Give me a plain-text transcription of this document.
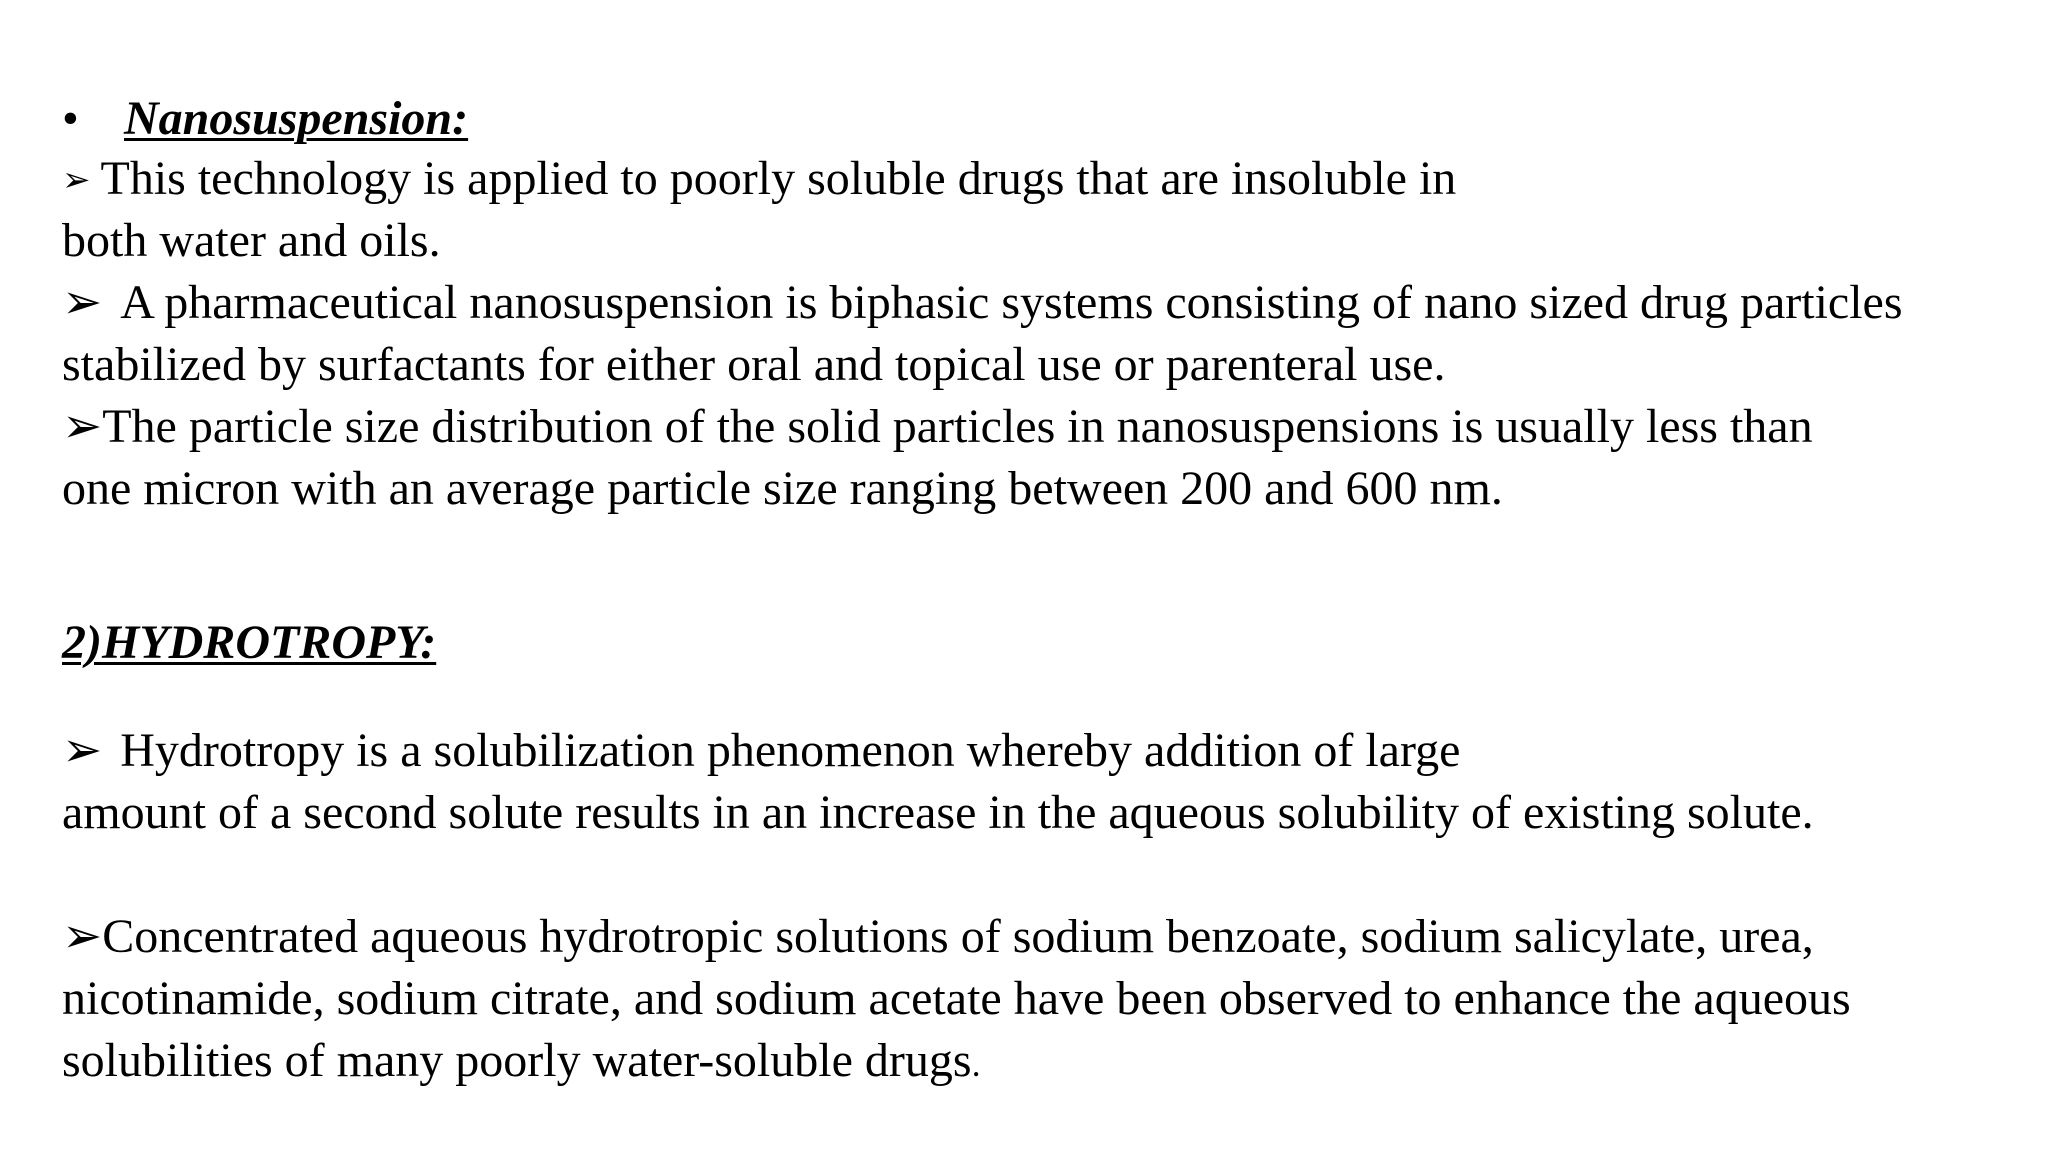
• Nanosuspension:
➢ This technology is applied to poorly soluble drugs that are insoluble in
both water and oils.
➢ A pharmaceutical nanosuspension is biphasic systems consisting of nano sized drug particles
stabilized by surfactants for either oral and topical use or parenteral use.
➢The particle size distribution of the solid particles in nanosuspensions is usually less than
one micron with an average particle size ranging between 200 and 600 nm.
2)HYDROTROPY:
➢ Hydrotropy is a solubilization phenomenon whereby addition of large
amount of a second solute results in an increase in the aqueous solubility of existing solute.
➢Concentrated aqueous hydrotropic solutions of sodium benzoate, sodium salicylate, urea,
nicotinamide, sodium citrate, and sodium acetate have been observed to enhance the aqueous
solubilities of many poorly water-soluble drugs.
